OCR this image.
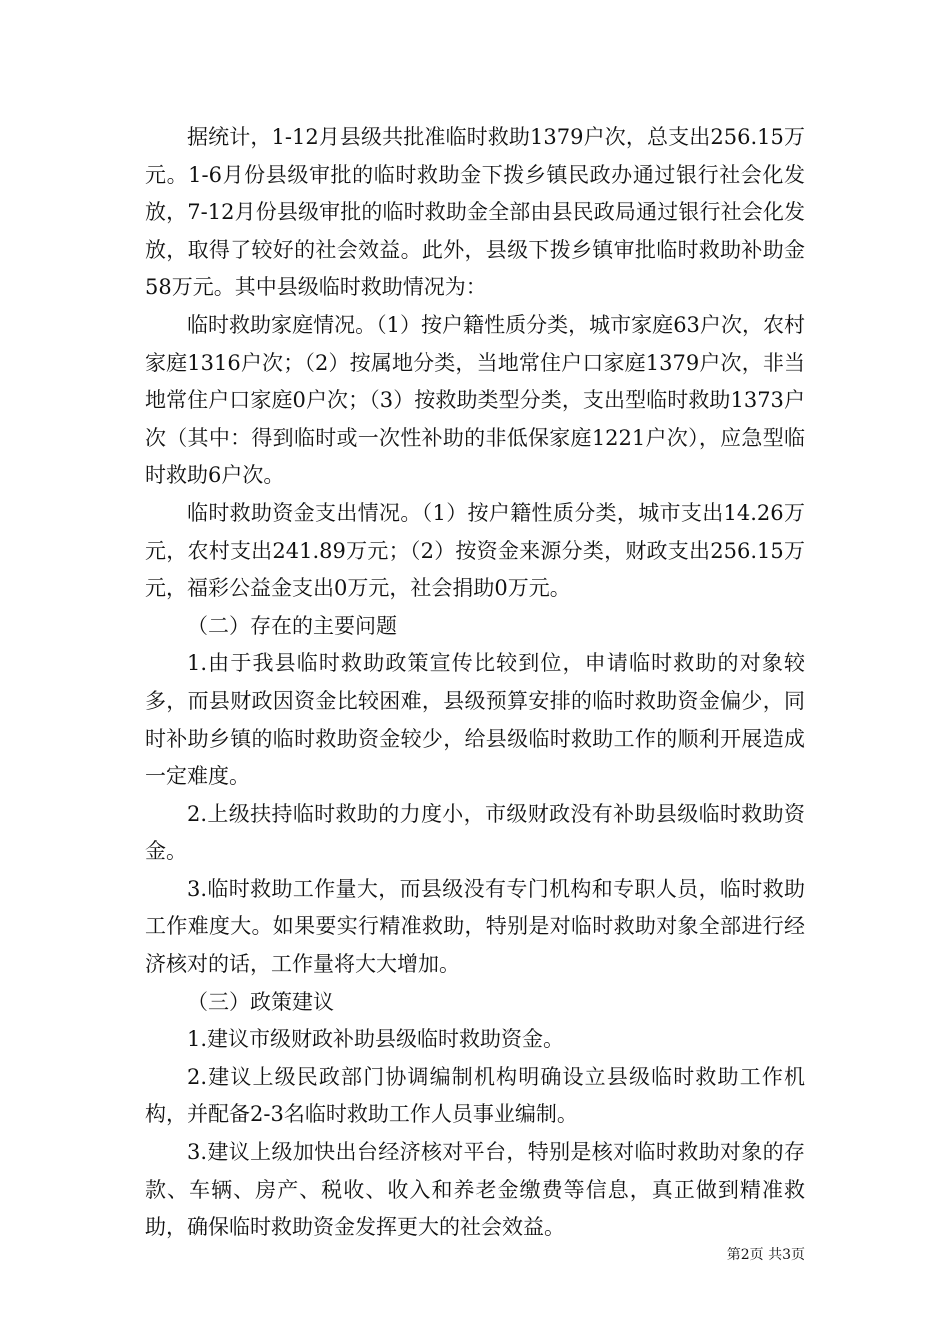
据统计，1-12月县级共批准临时救助1379户次，总支出256.15万元。1-6月份县级审批的临时救助金下拨乡镇民政办通过银行社会化发放，7-12月份县级审批的临时救助金全部由县民政局通过银行社会化发放，取得了较好的社会效益。此外，县级下拨乡镇审批临时救助补助金58万元。其中县级临时救助情况为：

临时救助家庭情况。（1）按户籍性质分类，城市家庭63户次，农村家庭1316户次；（2）按属地分类，当地常住户口家庭1379户次，非当地常住户口家庭0户次；（3）按救助类型分类，支出型临时救助1373户次（其中：得到临时或一次性补助的非低保家庭1221户次），应急型临时救助6户次。

临时救助资金支出情况。（1）按户籍性质分类，城市支出14.26万元，农村支出241.89万元；（2）按资金来源分类，财政支出256.15万元，福彩公益金支出0万元，社会捐助0万元。

（二）存在的主要问题

1.由于我县临时救助政策宣传比较到位，申请临时救助的对象较多，而县财政因资金比较困难，县级预算安排的临时救助资金偏少，同时补助乡镇的临时救助资金较少，给县级临时救助工作的顺利开展造成一定难度。

2.上级扶持临时救助的力度小，市级财政没有补助县级临时救助资金。

3.临时救助工作量大，而县级没有专门机构和专职人员，临时救助工作难度大。如果要实行精准救助，特别是对临时救助对象全部进行经济核对的话，工作量将大大增加。

（三）政策建议

1.建议市级财政补助县级临时救助资金。

2.建议上级民政部门协调编制机构明确设立县级临时救助工作机构，并配备2-3名临时救助工作人员事业编制。

3.建议上级加快出台经济核对平台，特别是核对临时救助对象的存款、车辆、房产、税收、收入和养老金缴费等信息，真正做到精准救助，确保临时救助资金发挥更大的社会效益。

第2页 共3页
